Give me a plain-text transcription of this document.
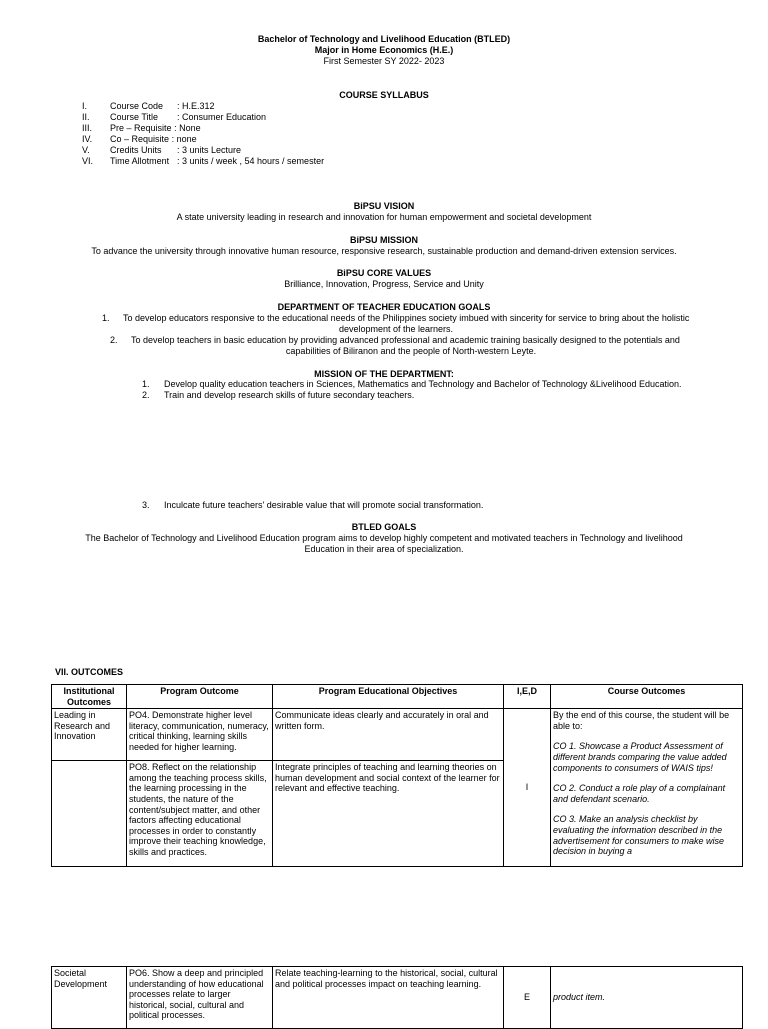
Bachelor of Technology and Livelihood Education (BTLED)
Major in Home Economics (H.E.)
First Semester SY 2022- 2023
COURSE SYLLABUS
I.	Course Code : H.E.312
II. Course Title : Consumer Education
III. Pre – Requisite : None
IV. Co – Requisite : none
V. Credits Units : 3 units Lecture
VI. Time Allotment : 3 units / week , 54 hours / semester
BiPSU VISION
A state university leading in research and innovation for human empowerment and societal development
BiPSU MISSION
To advance the university through innovative human resource, responsive research, sustainable production and demand-driven extension services.
BiPSU CORE VALUES
Brilliance, Innovation, Progress, Service and Unity
DEPARTMENT OF TEACHER EDUCATION GOALS
1. To develop educators responsive to the educational needs of the Philippines society imbued with sincerity for service to bring about the holistic
development of the learners.
2. To develop teachers in basic education by providing advanced professional and academic training basically designed to the potentials and
capabilities of Biliranon and the people of North-western Leyte.
MISSION OF THE DEPARTMENT:
1. Develop quality education teachers in Sciences, Mathematics and Technology and Bachelor of Technology &Livelihood Education.
2. Train and develop research skills of future secondary teachers.
3. Inculcate future teachers' desirable value that will promote social transformation.
BTLED GOALS
The Bachelor of Technology and Livelihood Education program aims to develop highly competent and motivated teachers in Technology and livelihood
Education in their area of specialization.
VII. OUTCOMES
Institutional Outcomes	Program Outcome	Program Educational Objectives	I,E,D	Course Outcomes
Leading in Research and Innovation	PO4. Demonstrate higher level literacy, communication, numeracy, critical thinking, learning skills needed for higher learning.	Communicate ideas clearly and accurately in oral and written form.	I	By the end of this course, the student will be able to:

CO 1. Showcase a Product Assessment of different brands comparing the value added components to consumers of WAIS tips!

CO 2. Conduct a role play of a complainant and defendant scenario.

CO 3. Make an analysis checklist by evaluating the information described in the advertisement for consumers to make wise decision in buying a

	PO8. Reflect on the relationship among the teaching process skills, the learning processing in the students, the nature of the content/subject matter, and other factors affecting educational processes in order to constantly improve their teaching knowledge, skills and practices.	Integrate principles of teaching and learning theories on human development and social context of the learner for relevant and effective teaching.		
Societal Development	PO6. Show a deep and principled understanding of how educational processes relate to larger historical, social, cultural and political processes.	Relate teaching-learning to the historical, social, cultural and political processes impact on teaching learning.	E	product item.
